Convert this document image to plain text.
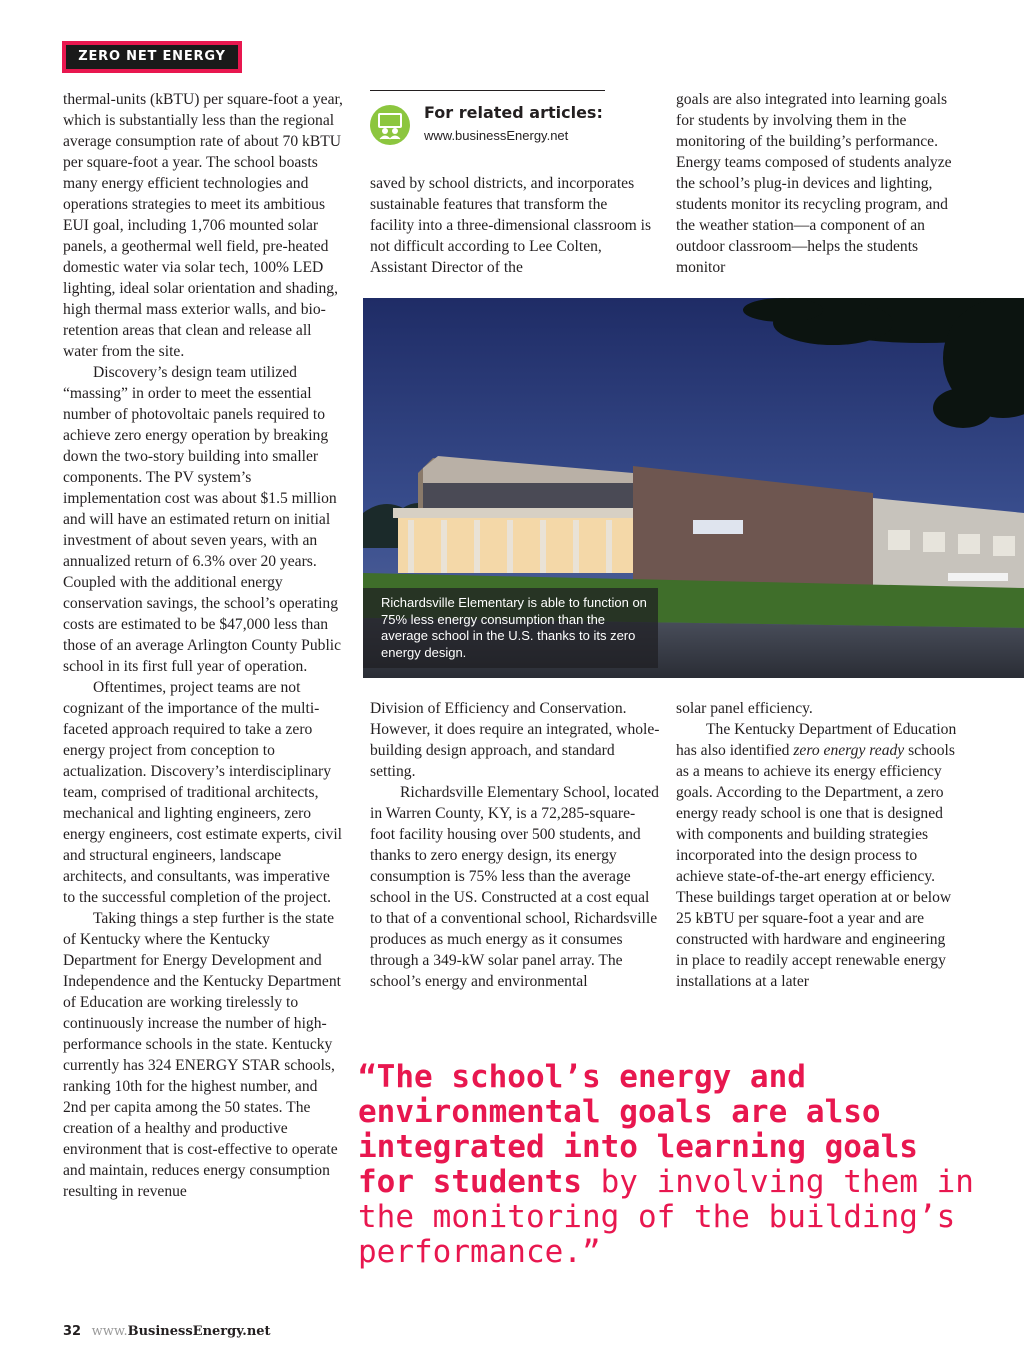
ZERO NET ENERGY

thermal-units (kBTU) per square-foot a year, which is substantially less than the regional average consumption rate of about 70 kBTU per square-foot a year. The school boasts many energy efficient technologies and operations strategies to meet its ambitious EUI goal, including 1,706 mounted solar panels, a geothermal well field, pre-heated domestic water via solar tech, 100% LED lighting, ideal solar orientation and shading, high thermal mass exterior walls, and bio-retention areas that clean and release all water from the site.

Discovery’s design team utilized “massing” in order to meet the essential number of photovoltaic panels required to achieve zero energy operation by breaking down the two-story building into smaller components. The PV system’s implementation cost was about $1.5 million and will have an estimated return on initial investment of about seven years, with an annualized return of 6.3% over 20 years. Coupled with the additional energy conservation savings, the school’s operating costs are estimated to be $47,000 less than those of an average Arlington County Public school in its first full year of operation.

Oftentimes, project teams are not cognizant of the importance of the multi-faceted approach required to take a zero energy project from conception to actualization. Discovery’s interdisciplinary team, comprised of traditional architects, mechanical and lighting engineers, zero energy engineers, cost estimate experts, civil and structural engineers, landscape architects, and consultants, was imperative to the successful completion of the project.

Taking things a step further is the state of Kentucky where the Kentucky Department for Energy Development and Independence and the Kentucky Department of Education are working tirelessly to continuously increase the number of high-performance schools in the state. Kentucky currently has 324 ENERGY STAR schools, ranking 10th for the highest number, and 2nd per capita among the 50 states. The creation of a healthy and productive environment that is cost-effective to operate and maintain, reduces energy consumption resulting in revenue

For related articles:
www.businessEnergy.net

saved by school districts, and incorporates sustainable features that transform the facility into a three-dimensional classroom is not difficult according to Lee Colten, Assistant Director of the

goals are also integrated into learning goals for students by involving them in the monitoring of the building’s performance. Energy teams composed of students analyze the school’s plug-in devices and lighting, students monitor its recycling program, and the weather station—a component of an outdoor classroom—helps the students monitor

Richardsville Elementary is able to function on 75% less energy consumption than the average school in the U.S. thanks to its zero energy design.

Division of Efficiency and Conservation. However, it does require an integrated, whole-building design approach, and standard setting.

Richardsville Elementary School, located in Warren County, KY, is a 72,285-square-foot facility housing over 500 students, and thanks to zero energy design, its energy consumption is 75% less than the average school in the US. Constructed at a cost equal to that of a conventional school, Richardsville produces as much energy as it consumes through a 349-kW solar panel array. The school’s energy and environmental

solar panel efficiency.

The Kentucky Department of Education has also identified zero energy ready schools as a means to achieve its energy efficiency goals. According to the Department, a zero energy ready school is one that is designed with components and building strategies incorporated into the design process to achieve state-of-the-art energy efficiency. These buildings target operation at or below 25 kBTU per square-foot a year and are constructed with hardware and engineering in place to readily accept renewable energy installations at a later

“The school’s energy and environmental goals are also integrated into learning goals for students by involving them in the monitoring of the building’s performance.”
32 www.BusinessEnergy.net
